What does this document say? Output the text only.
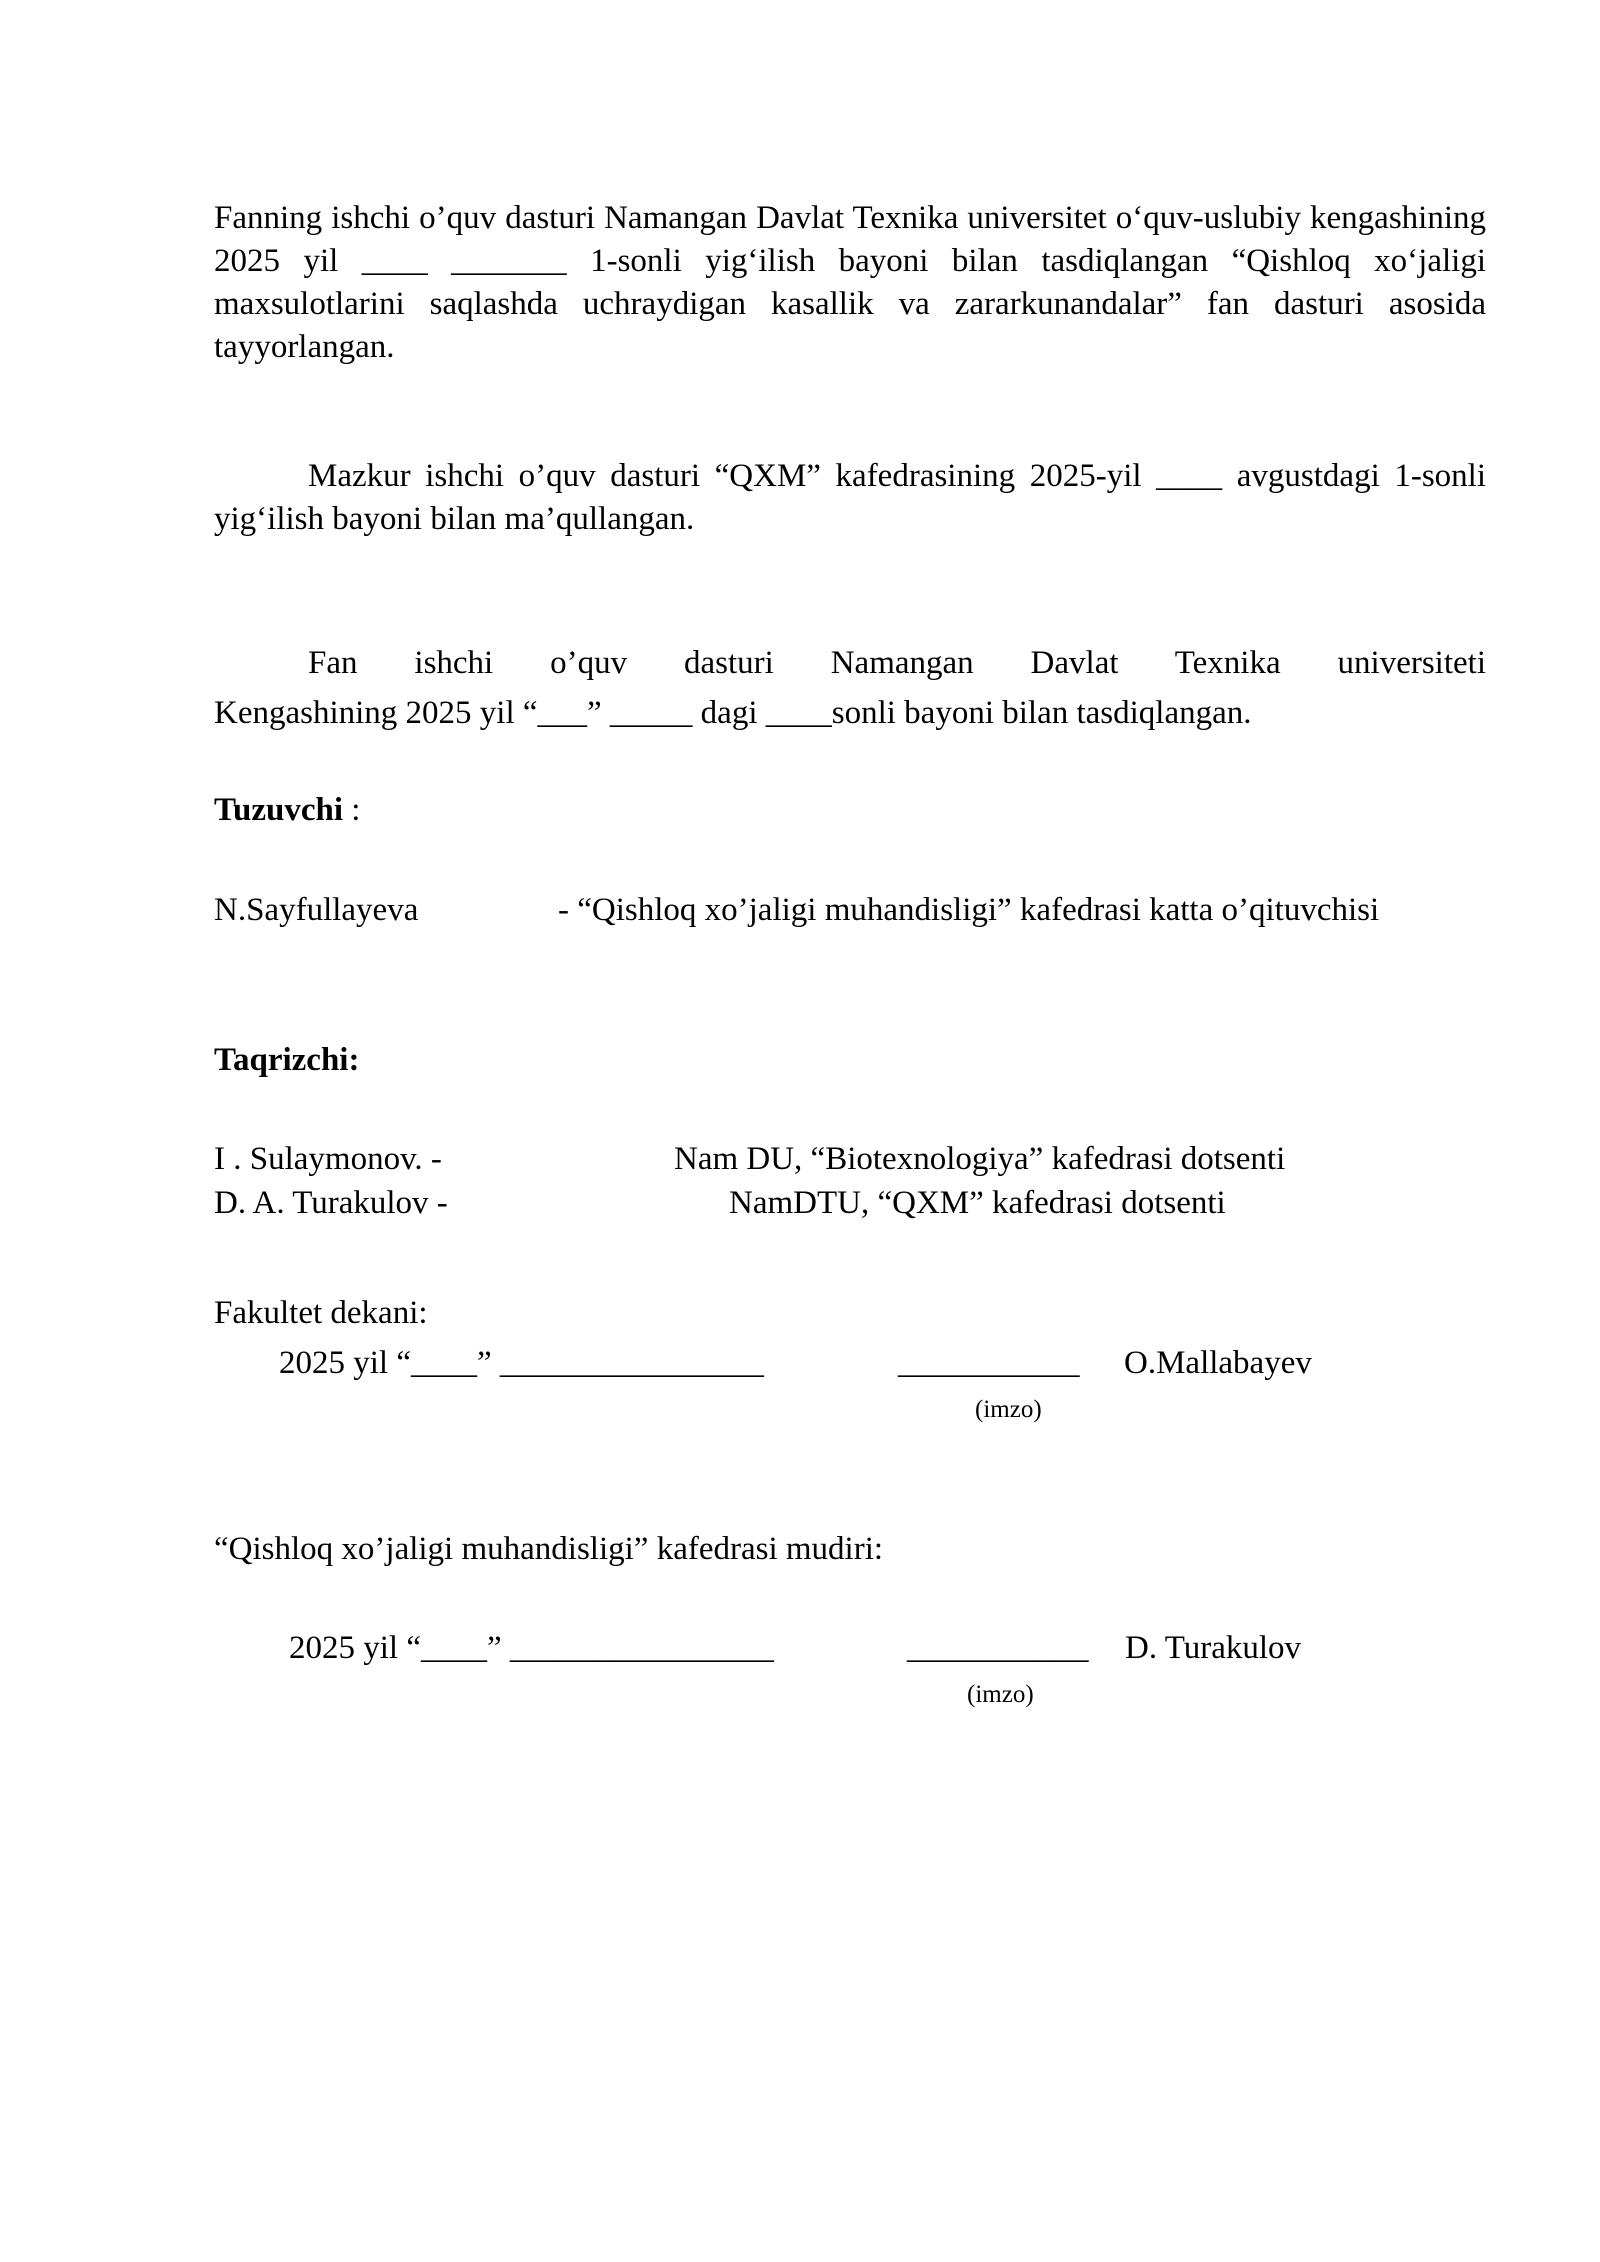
Fanning ishchi o’quv dasturi Namangan Davlat Texnika universitet o‘quv-uslubiy kengashining 2025 yil ____ _______ 1-sonli yig‘ilish bayoni bilan tasdiqlangan “Qishloq xo‘jaligi maxsulotlarini saqlashda uchraydigan kasallik va zararkunandalar” fan dasturi asosida tayyorlangan.
Mazkur ishchi o’quv dasturi “QXM” kafedrasining 2025-yil ____ avgustdagi 1-sonli yig‘ilish bayoni bilan ma’qullangan.
Fan ishchi o’quv dasturi Namangan Davlat Texnika universiteti
Kengashining 2025 yil “___” _____ dagi ____sonli bayoni bilan tasdiqlangan.
Tuzuvchi :
N.Sayfullayeva	- “Qishloq xo’jaligi muhandisligi” kafedrasi katta o’qituvchisi
Taqrizchi:
I . Sulaymonov. -	Nam DU, “Biotexnologiya” kafedrasi dotsenti
D. A. Turakulov -	NamDTU, “QXM” kafedrasi dotsenti
Fakultet dekani:
2025 yil “____” ________________	___________ O.Mallabayev
(imzo)
“Qishloq xo’jaligi muhandisligi” kafedrasi mudiri:
2025 yil “____” ________________	___________ D. Turakulov
(imzo)
